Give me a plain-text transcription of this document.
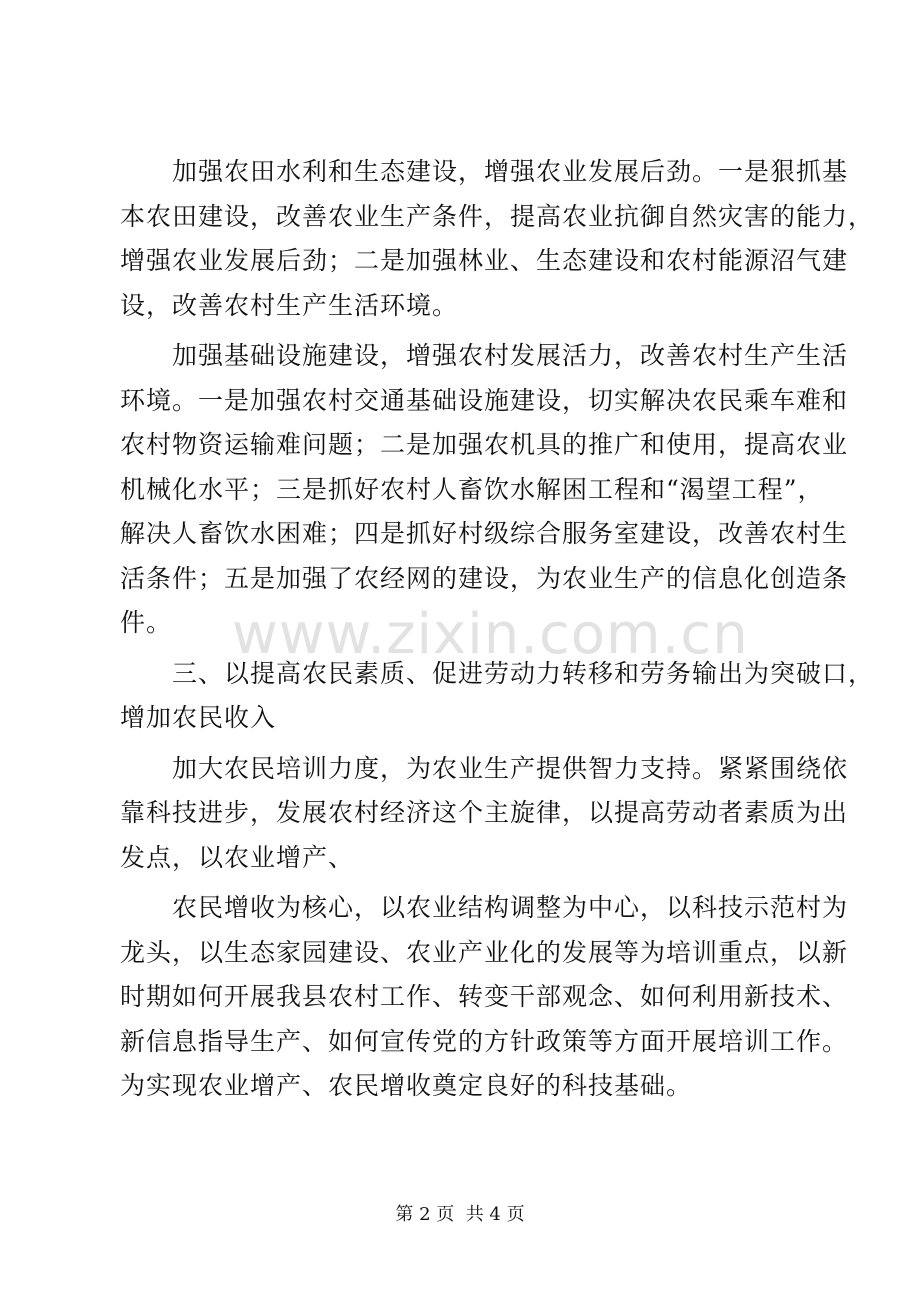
加强农田水利和生态建设，增强农业发展后劲。一是狠抓基
本农田建设，改善农业生产条件，提高农业抗御自然灾害的能力，
增强农业发展后劲；二是加强林业、生态建设和农村能源沼气建
设，改善农村生产生活环境。

加强基础设施建设，增强农村发展活力，改善农村生产生活
环境。一是加强农村交通基础设施建设，切实解决农民乘车难和
农村物资运输难问题；二是加强农机具的推广和使用，提高农业
机械化水平；三是抓好农村人畜饮水解困工程和“渴望工程”，
解决人畜饮水困难；四是抓好村级综合服务室建设，改善农村生
活条件；五是加强了农经网的建设，为农业生产的信息化创造条
件。

三、以提高农民素质、促进劳动力转移和劳务输出为突破口，
增加农民收入

加大农民培训力度，为农业生产提供智力支持。紧紧围绕依
靠科技进步，发展农村经济这个主旋律，以提高劳动者素质为出
发点，以农业增产、

农民增收为核心，以农业结构调整为中心，以科技示范村为
龙头，以生态家园建设、农业产业化的发展等为培训重点，以新
时期如何开展我县农村工作、转变干部观念、如何利用新技术、
新信息指导生产、如何宣传党的方针政策等方面开展培训工作。
为实现农业增产、农民增收奠定良好的科技基础。

www.zixin.com.cn
第 2 页  共 4 页
